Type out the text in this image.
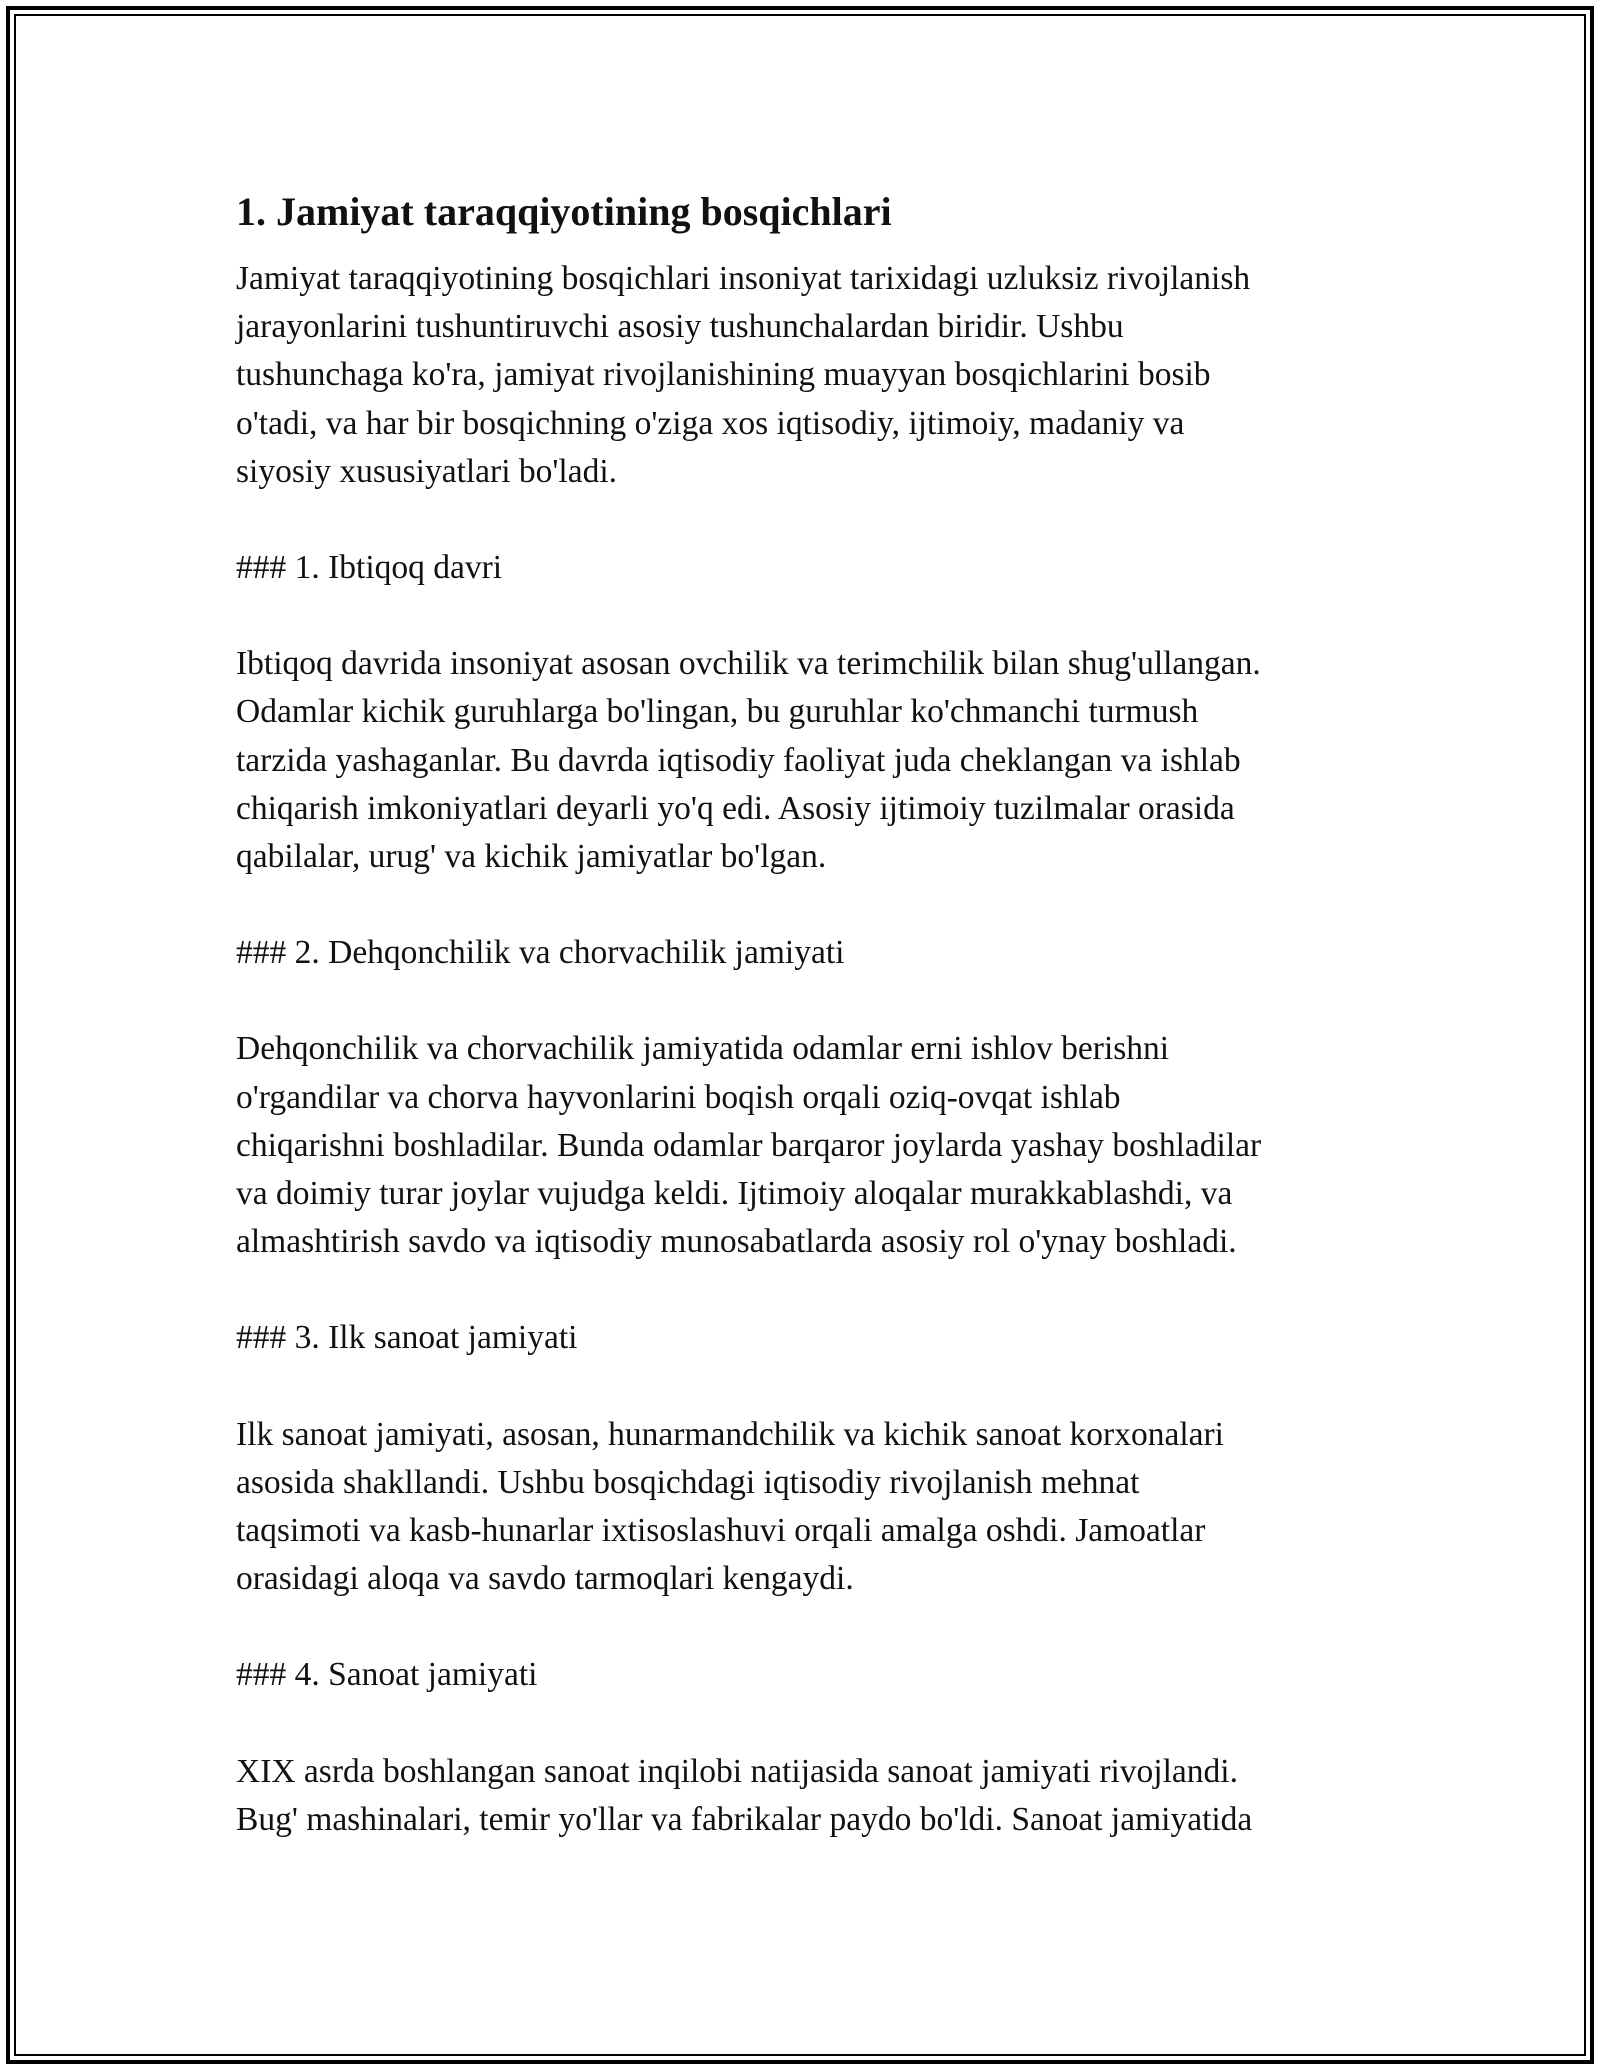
1. Jamiyat taraqqiyotining bosqichlari

Jamiyat taraqqiyotining bosqichlari insoniyat tarixidagi uzluksiz rivojlanish
jarayonlarini tushuntiruvchi asosiy tushunchalardan biridir. Ushbu
tushunchaga ko'ra, jamiyat rivojlanishining muayyan bosqichlarini bosib
o'tadi, va har bir bosqichning o'ziga xos iqtisodiy, ijtimoiy, madaniy va
siyosiy xususiyatlari bo'ladi.

### 1. Ibtiqoq davri

Ibtiqoq davrida insoniyat asosan ovchilik va terimchilik bilan shug'ullangan.
Odamlar kichik guruhlarga bo'lingan, bu guruhlar ko'chmanchi turmush
tarzida yashaganlar. Bu davrda iqtisodiy faoliyat juda cheklangan va ishlab
chiqarish imkoniyatlari deyarli yo'q edi. Asosiy ijtimoiy tuzilmalar orasida
qabilalar, urug' va kichik jamiyatlar bo'lgan.

### 2. Dehqonchilik va chorvachilik jamiyati

Dehqonchilik va chorvachilik jamiyatida odamlar erni ishlov berishni
o'rgandilar va chorva hayvonlarini boqish orqali oziq-ovqat ishlab
chiqarishni boshladilar. Bunda odamlar barqaror joylarda yashay boshladilar
va doimiy turar joylar vujudga keldi. Ijtimoiy aloqalar murakkablashdi, va
almashtirish savdo va iqtisodiy munosabatlarda asosiy rol o'ynay boshladi.

### 3. Ilk sanoat jamiyati

Ilk sanoat jamiyati, asosan, hunarmandchilik va kichik sanoat korxonalari
asosida shakllandi. Ushbu bosqichdagi iqtisodiy rivojlanish mehnat
taqsimoti va kasb-hunarlar ixtisoslashuvi orqali amalga oshdi. Jamoatlar
orasidagi aloqa va savdo tarmoqlari kengaydi.

### 4. Sanoat jamiyati

XIX asrda boshlangan sanoat inqilobi natijasida sanoat jamiyati rivojlandi.
Bug' mashinalari, temir yo'llar va fabrikalar paydo bo'ldi. Sanoat jamiyatida
